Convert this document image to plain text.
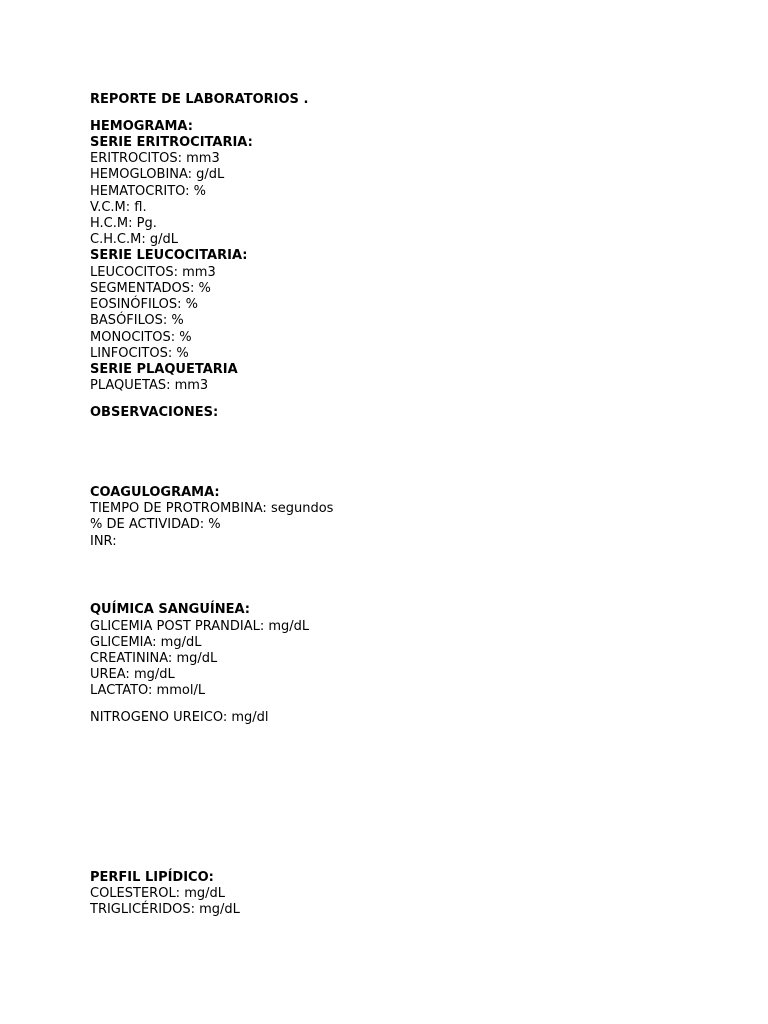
REPORTE DE LABORATORIOS .
HEMOGRAMA:
SERIE ERITROCITARIA:
ERITROCITOS: mm3
HEMOGLOBINA: g/dL
HEMATOCRITO: %
V.C.M: fl.
H.C.M: Pg.
C.H.C.M: g/dL
SERIE LEUCOCITARIA:
LEUCOCITOS: mm3
SEGMENTADOS: %
EOSINÓFILOS: %
BASÓFILOS: %
MONOCITOS: %
LINFOCITOS: %
SERIE PLAQUETARIA
PLAQUETAS: mm3
OBSERVACIONES:
COAGULOGRAMA:
TIEMPO DE PROTROMBINA: segundos
% DE ACTIVIDAD: %
INR:
QUÍMICA SANGUÍNEA:
GLICEMIA POST PRANDIAL: mg/dL
GLICEMIA: mg/dL
CREATININA: mg/dL
UREA: mg/dL
LACTATO: mmol/L
NITROGENO UREICO: mg/dl
PERFIL LIPÍDICO:
COLESTEROL: mg/dL
TRIGLICÉRIDOS: mg/dL
